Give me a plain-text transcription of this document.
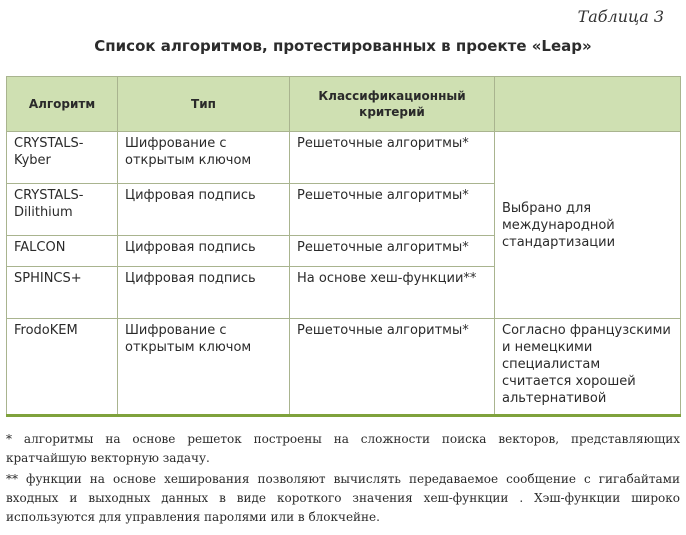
Таблица 3
Список алгоритмов, протестированных в проекте «Leap»
Алгоритм	Тип	Классификационный критерий	
CRYSTALS-Kyber	Шифрование с открытым ключом	Решеточные алгоритмы*	Выбрано для международной стандартизации
CRYSTALS-Dilithium	Цифровая подпись	Решеточные алгоритмы*	
FALCON	Цифровая подпись	Решеточные алгоритмы*	
SPHINCS+	Цифровая подпись	На основе хеш-функции**	
FrodoKEM	Шифрование с открытым ключом	Решеточные алгоритмы*	Согласно французскими и немецкими специалистам считается хорошей альтернативой
* алгоритмы на основе решеток построены на сложности поиска векторов, представляющих кратчайшую векторную задачу.
** функции на основе хеширования позволяют вычислять передаваемое сообщение с гигабайтами входных и выходных данных в виде короткого значения хеш-функции . Хэш-функции широко используются для управления паролями или в блокчейне.
